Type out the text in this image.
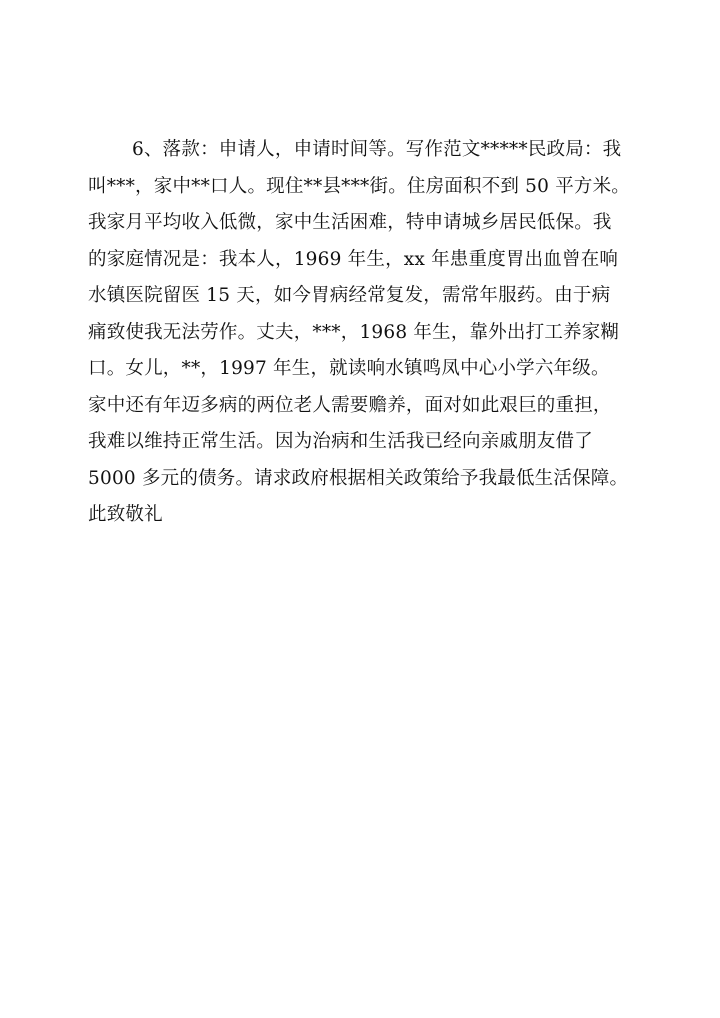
6、落款：申请人，申请时间等。写作范文*****民政局：我
叫***，家中**口人。现住**县***街。住房面积不到 50 平方米。
我家月平均收入低微，家中生活困难，特申请城乡居民低保。我
的家庭情况是：我本人，1969 年生，xx 年患重度胃出血曾在响
水镇医院留医 15 天，如今胃病经常复发，需常年服药。由于病
痛致使我无法劳作。丈夫，***，1968 年生，靠外出打工养家糊
口。女儿，**，1997 年生，就读响水镇鸣凤中心小学六年级。
家中还有年迈多病的两位老人需要赡养，面对如此艰巨的重担，
我难以维持正常生活。因为治病和生活我已经向亲戚朋友借了
5000 多元的债务。请求政府根据相关政策给予我最低生活保障。
此致敬礼
